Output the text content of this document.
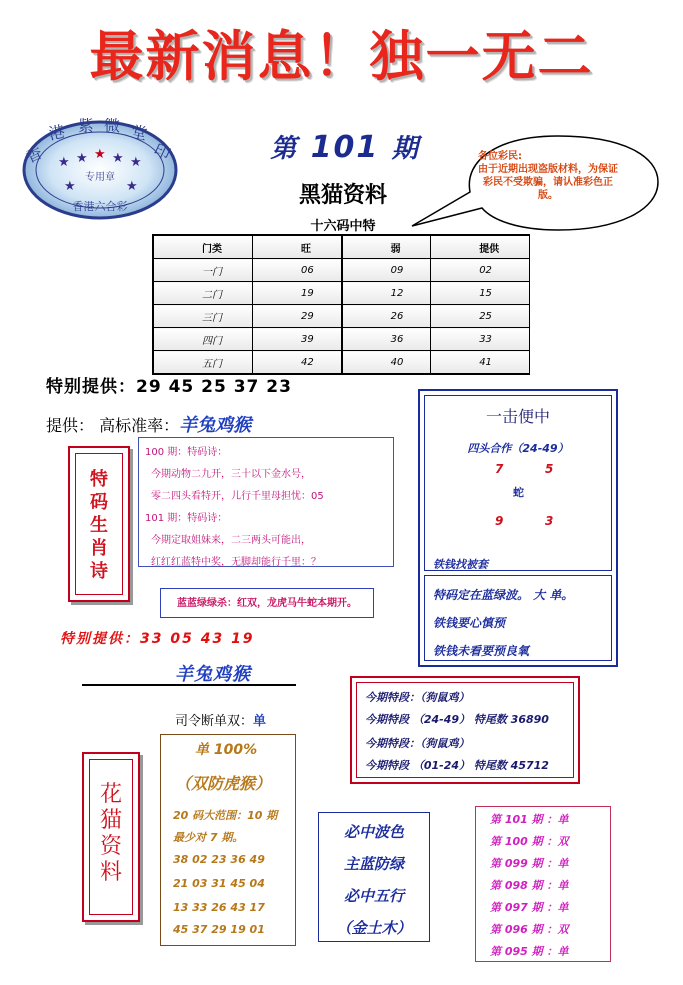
最新消息！独一无二
香
港 紫 微 堂
印
★ ★ ★ ★ ★
★	★
专用章
香港六合彩
第 101 期	各位彩民:
由于近期出现盗版材料，为保证彩民不受欺骗，请认准彩色正版。
黑猫资料
十六码中特
门类	旺	弱	提供
一门	06	09	02
二门	19	12	15
三门	29	26	25
四门	39	36	33
五门	42	40	41
特别提供：29 45 25 37 23
提供： 高标准率：羊兔鸡猴
特
码
生
肖
诗
100 期：特码诗：
今期动物二九开，三十以下金水号，
零二四头看特开，儿行千里母担忧：05
101 期：特码诗：
今期定取姐妹来，二三两头可能出，
红红红蓝特中奖，无脚却能行千里：？
蓝蓝绿绿杀：红双，龙虎马牛蛇本期开。
特别提供：33 05 43 19
一击便中
四头合作（24-49）
7	5
蛇
9	3
铁钱找被套
特码定在蓝绿波。 大 单。
铁钱要心慎预
铁钱未看要预良氧
羊兔鸡猴
司令断单双：单
单 100%
（双防虎猴）
20 码大范围：10 期
最少对 7 期。
38 02 23 36 49
21 03 31 45 04
13 33 26 43 17
45 37 29 19 01
花
猫
资
料
今期特段：（狗鼠鸡）
今期特段 （24-49） 特尾数 36890
今期特段：（狗鼠鸡）
今期特段 （01-24） 特尾数 45712
必中波色
主蓝防绿
必中五行
（金土木）
第 101 期 ：单
第 100 期 ：双
第 099 期 ：单
第 098 期 ：单
第 097 期 ：单
第 096 期 ：双
第 095 期 ：单
